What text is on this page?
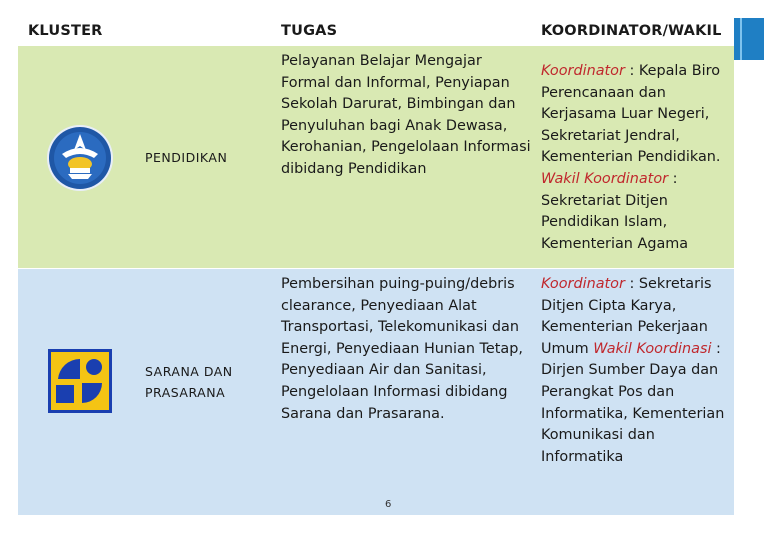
KLUSTER	TUGAS	KOORDINATOR/WAKIL
PENDIDIKAN
Pelayanan Belajar Mengajar Formal dan Informal, Penyiapan Sekolah Darurat, Bimbingan dan Penyuluhan bagi Anak Dewasa, Kerohanian, Pengelolaan Informasi dibidang Pendidikan
Koordinator : Kepala Biro Perencanaan dan Kerjasama Luar Negeri, Sekretariat Jendral, Kementerian Pendidikan. Wakil Koordinator : Sekretariat Ditjen Pendidikan Islam, Kementerian Agama
SARANA DAN PRASARANA
Pembersihan puing-puing/debris clearance, Penyediaan Alat Transportasi, Telekomunikasi dan Energi, Penyediaan Hunian Tetap, Penyediaan Air dan Sanitasi, Pengelolaan Informasi dibidang Sarana dan Prasarana.
Koordinator : Sekretaris Ditjen Cipta Karya, Kementerian Pekerjaan Umum Wakil Koordinasi : Dirjen Sumber Daya dan Perangkat Pos dan Informatika, Kementerian Komunikasi dan Informatika
6
